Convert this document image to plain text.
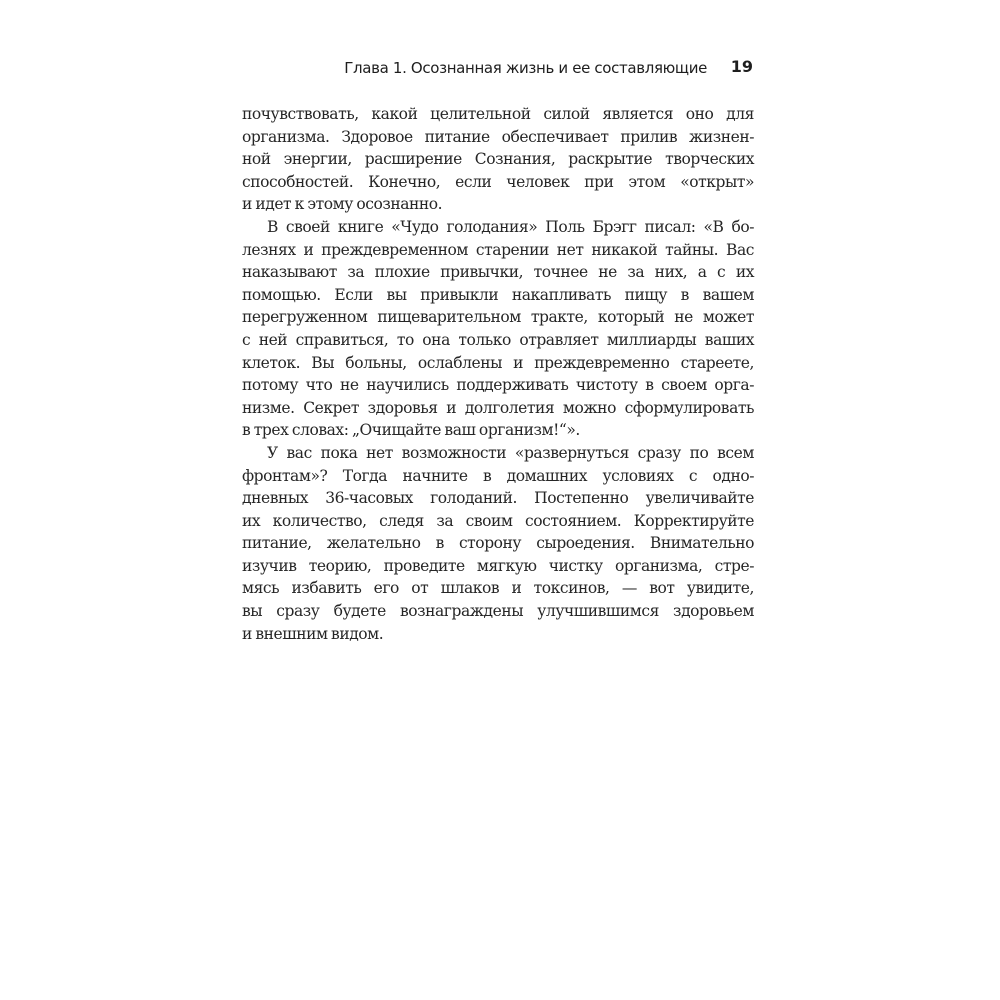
Глава 1. Осознанная жизнь и ее составляющие 19

почувствовать, какой целительной силой является оно для
организма. Здоровое питание обеспечивает прилив жизнен-
ной энергии, расширение Сознания, раскрытие творческих
способностей. Конечно, если человек при этом «открыт»
и идет к этому осознанно.

В своей книге «Чудо голодания» Поль Брэгг писал: «В бо-
лезнях и преждевременном старении нет никакой тайны. Вас
наказывают за плохие привычки, точнее не за них, а с их
помощью. Если вы привыкли накапливать пищу в вашем
перегруженном пищеварительном тракте, который не может
с ней справиться, то она только отравляет миллиарды ваших
клеток. Вы больны, ослаблены и преждевременно стареете,
потому что не научились поддерживать чистоту в своем орга-
низме. Секрет здоровья и долголетия можно сформулировать
в трех словах: „Очищайте ваш организм!“».

У вас пока нет возможности «развернуться сразу по всем
фронтам»? Тогда начните в домашних условиях с одно-
дневных 36-часовых голоданий. Постепенно увеличивайте
их количество, следя за своим состоянием. Корректируйте
питание, желательно в сторону сыроедения. Внимательно
изучив теорию, проведите мягкую чистку организма, стре-
мясь избавить его от шлаков и токсинов, — вот увидите,
вы сразу будете вознаграждены улучшившимся здоровьем
и внешним видом.
